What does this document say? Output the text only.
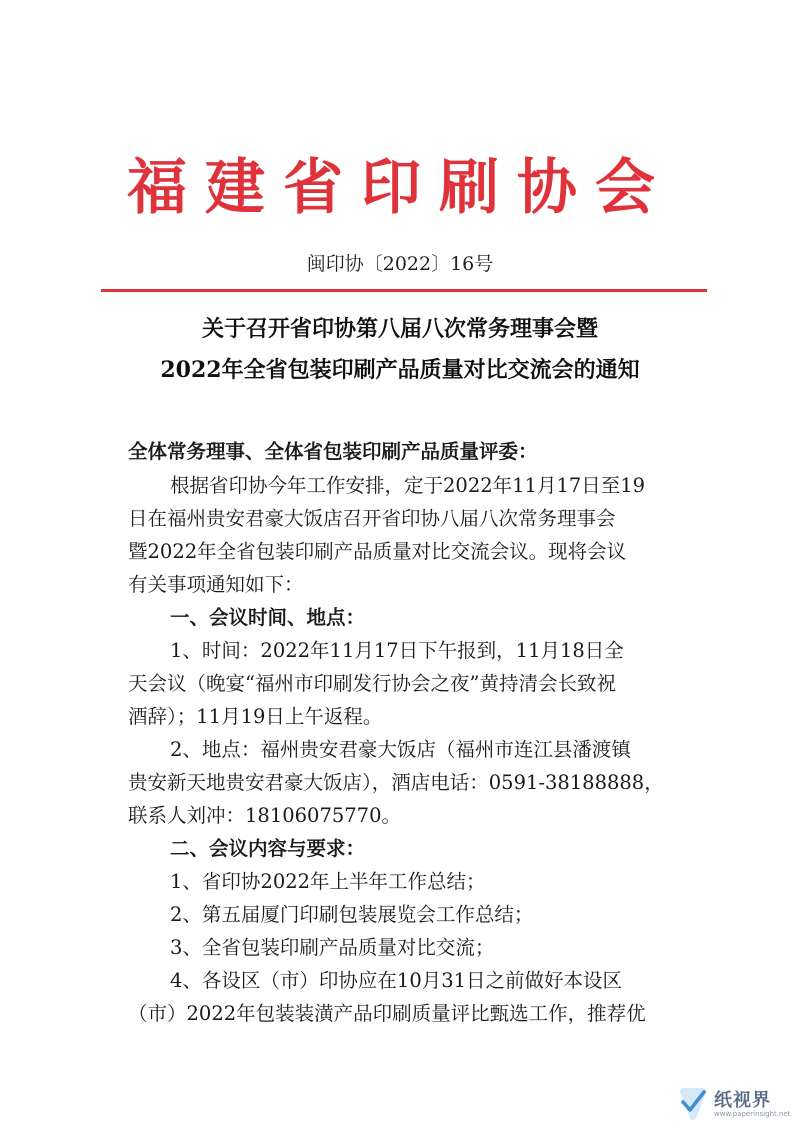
福建省印刷协会
闽印协〔2022〕16号
关于召开省印协第八届八次常务理事会暨
2022年全省包装印刷产品质量对比交流会的通知
全体常务理事、全体省包装印刷产品质量评委：
根据省印协今年工作安排，定于2022年11月17日至19
日在福州贵安君豪大饭店召开省印协八届八次常务理事会
暨2022年全省包装印刷产品质量对比交流会议。现将会议
有关事项通知如下：
一、会议时间、地点：
1、时间：2022年11月17日下午报到，11月18日全
天会议（晚宴“福州市印刷发行协会之夜”黄持清会长致祝
酒辞）；11月19日上午返程。
2、地点：福州贵安君豪大饭店（福州市连江县潘渡镇
贵安新天地贵安君豪大饭店），酒店电话：0591-38188888，
联系人刘冲：18106075770。
二、会议内容与要求：
1、省印协2022年上半年工作总结；
2、第五届厦门印刷包装展览会工作总结；
3、全省包装印刷产品质量对比交流；
4、各设区（市）印协应在10月31日之前做好本设区
（市）2022年包装装潢产品印刷质量评比甄选工作，推荐优
纸视界
www.paperinsight.net
